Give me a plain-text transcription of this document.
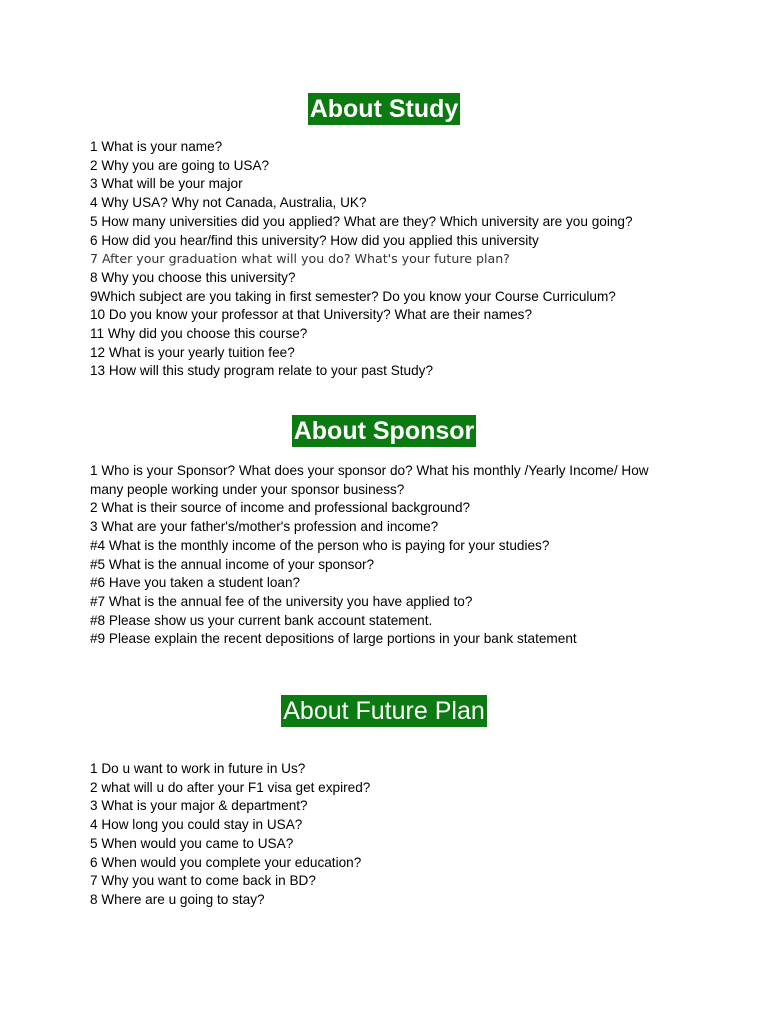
About Study
1 What is your name?
2 Why you are going to USA?
3 What will be your major
4 Why USA? Why not Canada, Australia, UK?
5 How many universities did you applied? What are they? Which university are you going?
6 How did you hear/find this university? How did you applied this university
7 After your graduation what will you do? What's your future plan?
8 Why you choose this university?
9Which subject are you taking in first semester? Do you know your Course Curriculum?
10 Do you know your professor at that University? What are their names?
11 Why did you choose this course?
12 What is your yearly tuition fee?
13 How will this study program relate to your past Study?
About Sponsor
1 Who is your Sponsor? What does your sponsor do? What his monthly /Yearly Income/ How many people working under your sponsor business?
2 What is their source of income and professional background?
3 What are your father's/mother's profession and income?
#4 What is the monthly income of the person who is paying for your studies?
#5 What is the annual income of your sponsor?
#6 Have you taken a student loan?
#7 What is the annual fee of the university you have applied to?
#8 Please show us your current bank account statement.
#9 Please explain the recent depositions of large portions in your bank statement
About Future Plan
1 Do u want to work in future in Us?
2 what will u do after your F1 visa get expired?
3 What is your major & department?
4 How long you could stay in USA?
5 When would you came to USA?
6 When would you complete your education?
7 Why you want to come back in BD?
8 Where are u going to stay?
